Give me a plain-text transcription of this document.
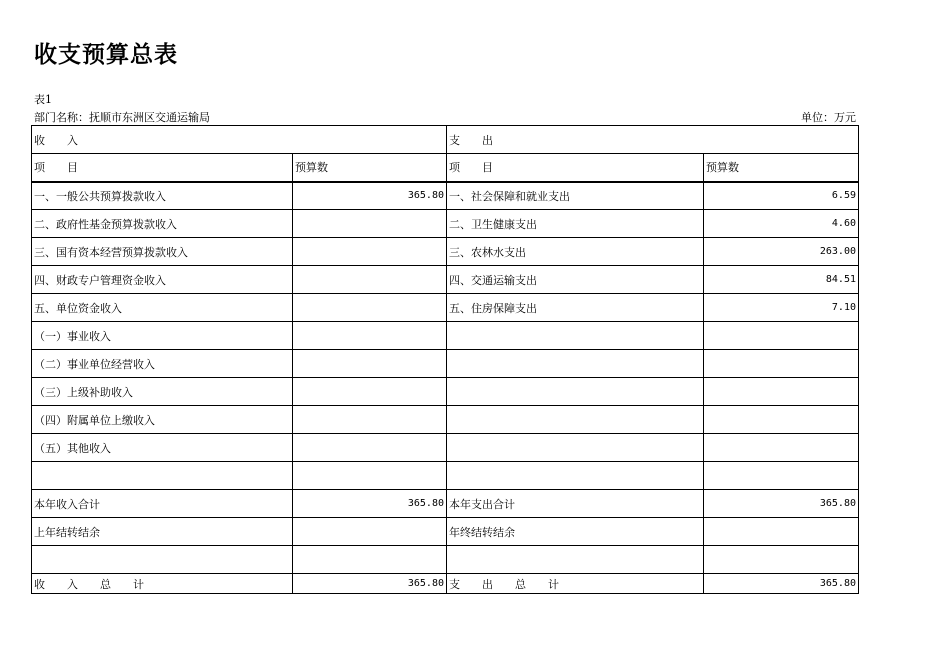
收支预算总表
表1
部门名称：抚顺市东洲区交通运输局	单位：万元
收　　入		支　　出	
项　　目	预算数	项　　目	预算数
一、一般公共预算拨款收入	365.80	一、社会保障和就业支出	6.59
二、政府性基金预算拨款收入		二、卫生健康支出	4.60
三、国有资本经营预算拨款收入		三、农林水支出	263.00
四、财政专户管理资金收入		四、交通运输支出	84.51
五、单位资金收入		五、住房保障支出	7.10
（一）事业收入			
（二）事业单位经营收入			
（三）上级补助收入			
（四）附属单位上缴收入			
（五）其他收入			

本年收入合计	365.80	本年支出合计	365.80
上年结转结余		年终结转结余	

收　　入　　总　　计	365.80	支　　出　　总　　计	365.80
